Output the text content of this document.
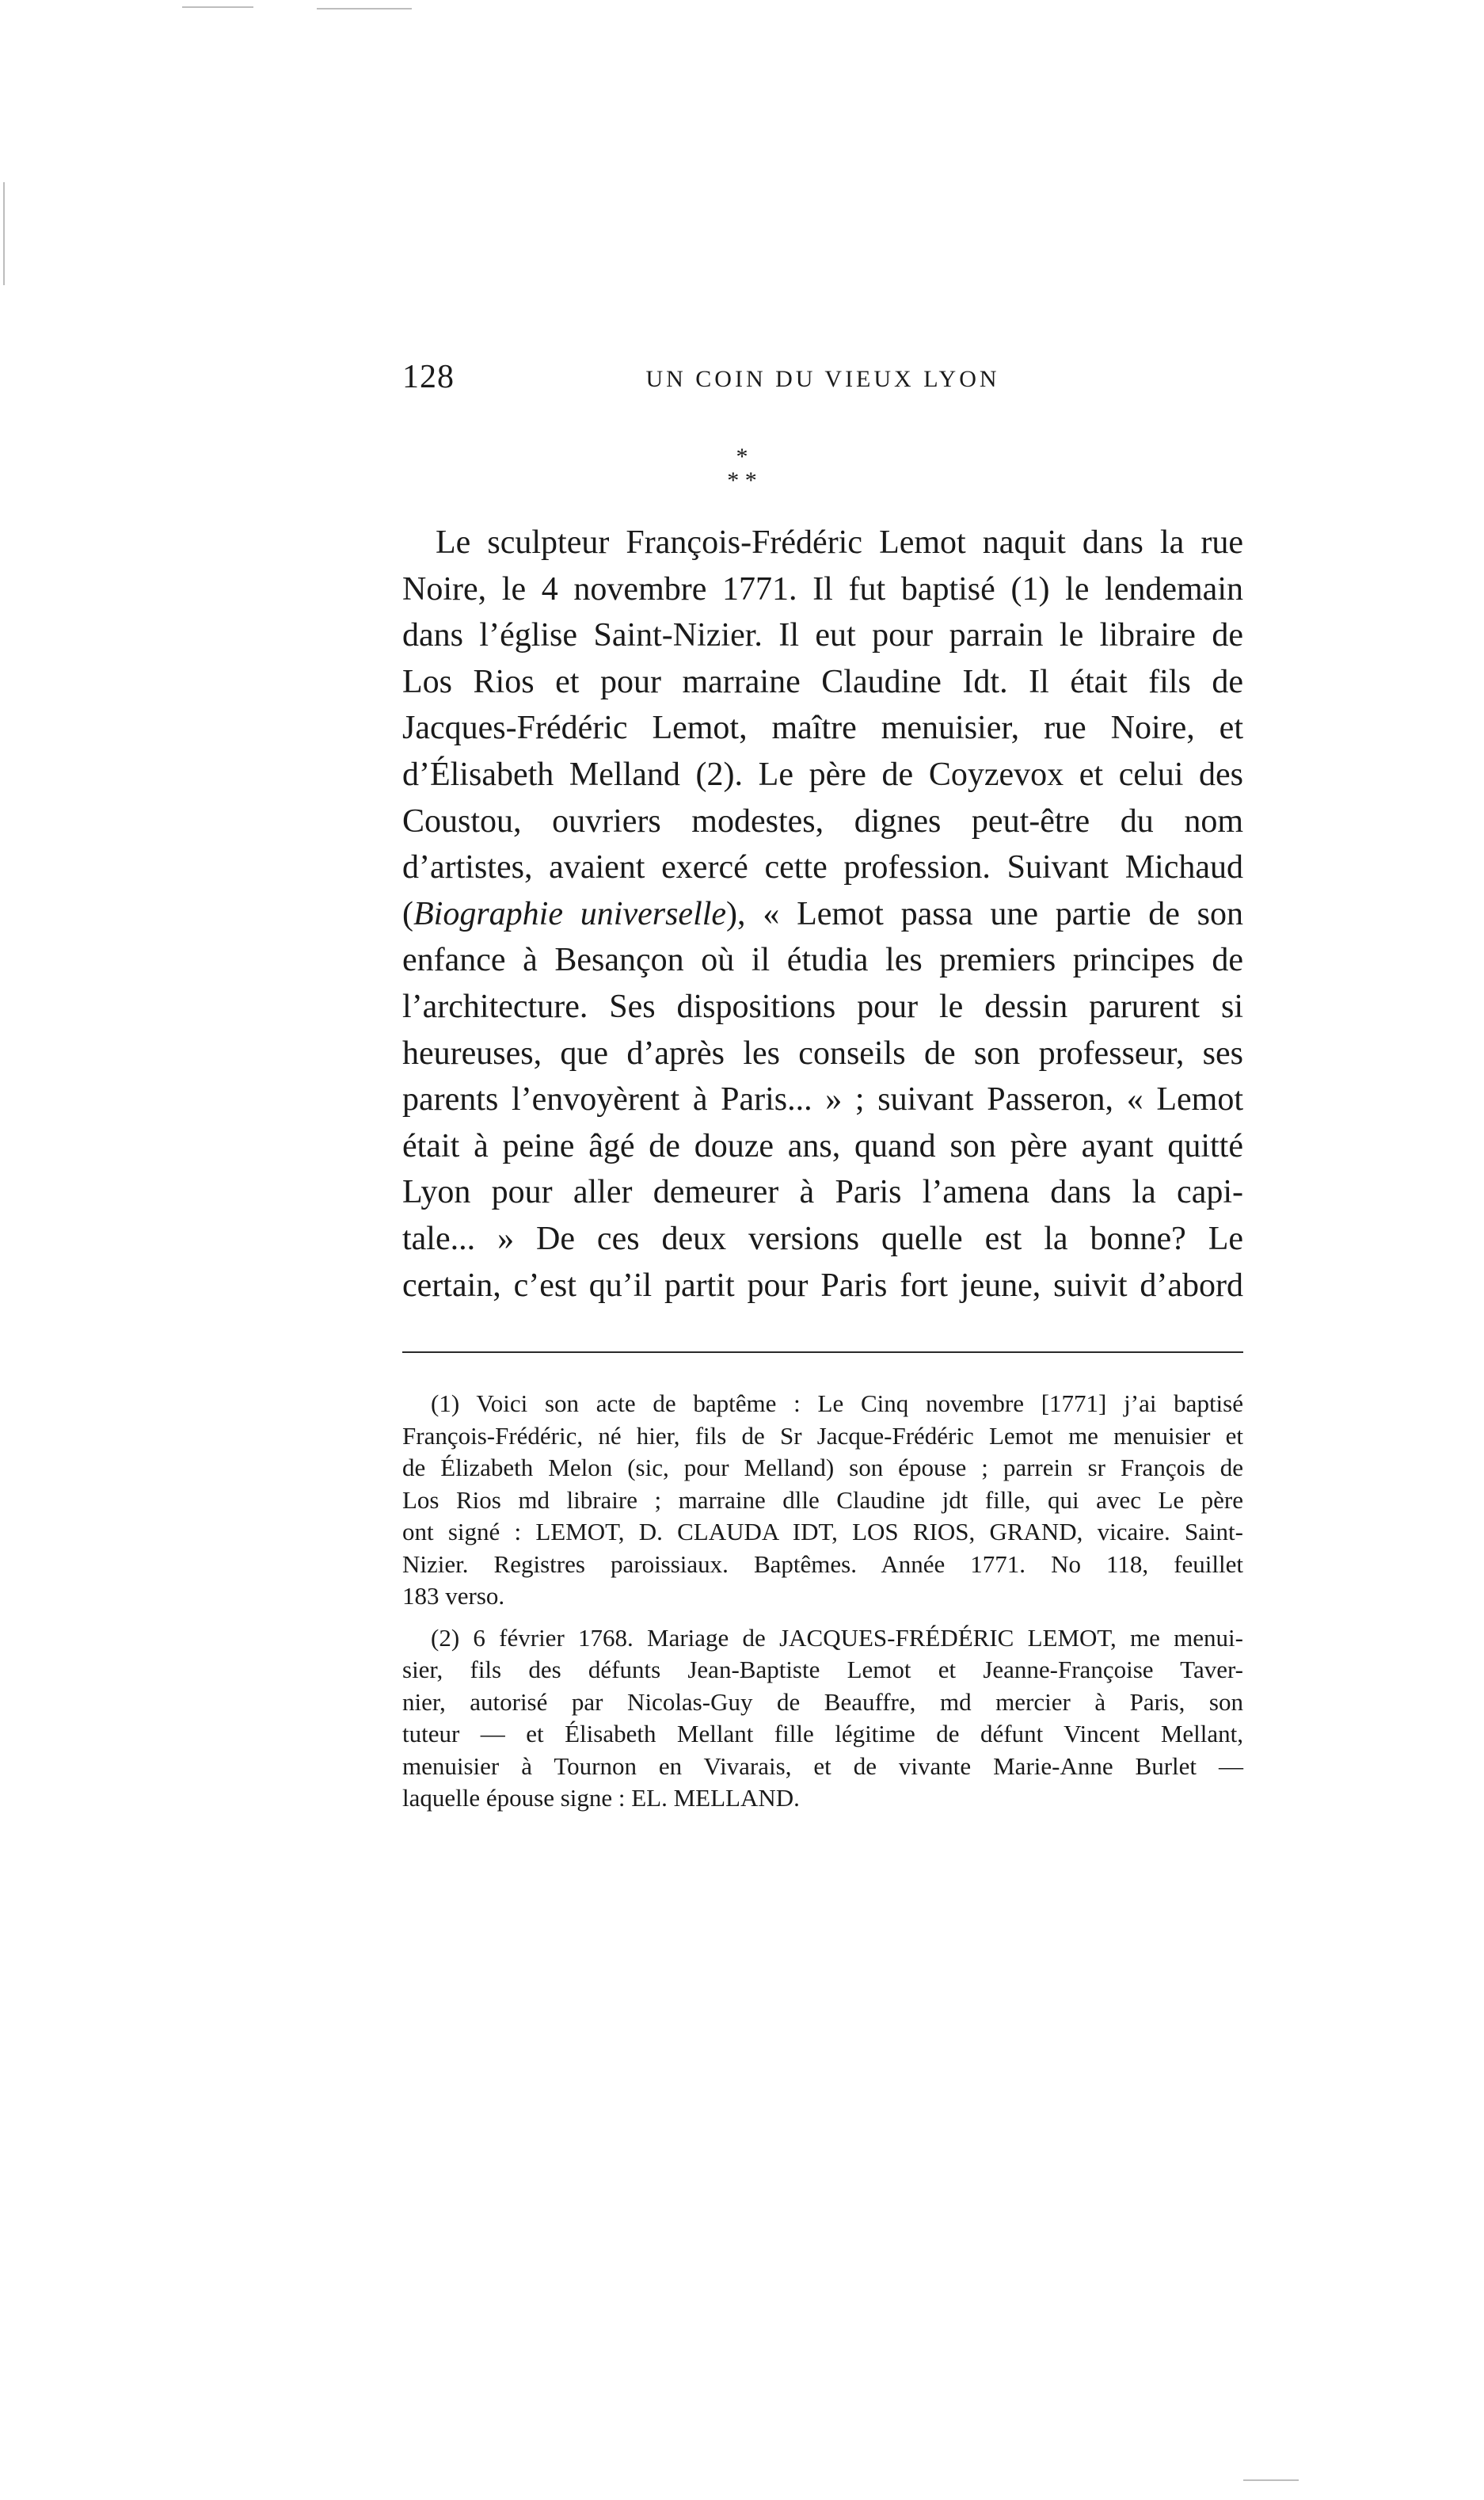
128	UN COIN DU VIEUX LYON
*
* *
Le sculpteur François-Frédéric Lemot naquit dans la rue
Noire, le 4 novembre 1771. Il fut baptisé (1) le lendemain
dans l’église Saint-Nizier. Il eut pour parrain le libraire de
Los Rios et pour marraine Claudine Idt. Il était fils de
Jacques-Frédéric Lemot, maître menuisier, rue Noire, et
d’Élisabeth Melland (2). Le père de Coyzevox et celui des
Coustou, ouvriers modestes, dignes peut-être du nom
d’artistes, avaient exercé cette profession. Suivant Michaud
(Biographie universelle), « Lemot passa une partie de son
enfance à Besançon où il étudia les premiers principes de
l’architecture. Ses dispositions pour le dessin parurent si
heureuses, que d’après les conseils de son professeur, ses
parents l’envoyèrent à Paris... » ; suivant Passeron, « Lemot
était à peine âgé de douze ans, quand son père ayant quitté
Lyon pour aller demeurer à Paris l’amena dans la capi-
tale... » De ces deux versions quelle est la bonne? Le
certain, c’est qu’il partit pour Paris fort jeune, suivit d’abord
(1) Voici son acte de baptême : Le Cinq novembre [1771] j’ai baptisé
François-Frédéric, né hier, fils de Sr Jacque-Frédéric Lemot me menuisier et
de Élizabeth Melon (sic, pour Melland) son épouse ; parrein sr François de
Los Rios md libraire ; marraine dlle Claudine jdt fille, qui avec Le père
ont signé : LEMOT, D. CLAUDA IDT, LOS RIOS, GRAND, vicaire. Saint-
Nizier. Registres paroissiaux. Baptêmes. Année 1771. No 118, feuillet
183 verso.
(2) 6 février 1768. Mariage de JACQUES-FRÉDÉRIC LEMOT, me menui-
sier, fils des défunts Jean-Baptiste Lemot et Jeanne-Françoise Taver-
nier, autorisé par Nicolas-Guy de Beauffre, md mercier à Paris, son
tuteur — et Élisabeth Mellant fille légitime de défunt Vincent Mellant,
menuisier à Tournon en Vivarais, et de vivante Marie-Anne Burlet —
laquelle épouse signe : EL. MELLAND.
